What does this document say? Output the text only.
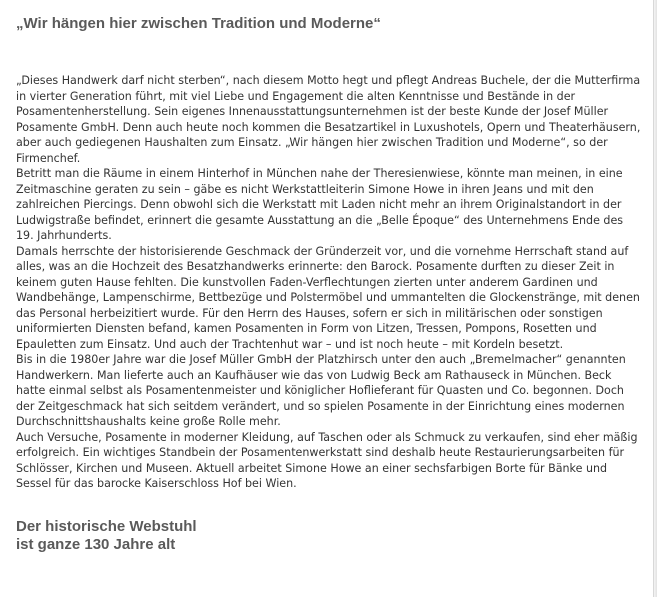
„Wir hängen hier zwischen Tradition und Moderne“

„Dieses Handwerk darf nicht sterben“, nach diesem Motto hegt und pflegt Andreas Buchele, der die Mutterfirma in vierter Generation führt, mit viel Liebe und Engagement die alten Kenntnisse und Bestände in der Posamentenherstellung. Sein eigenes Innenausstattungsunternehmen ist der beste Kunde der Josef Müller Posamente GmbH. Denn auch heute noch kommen die Besatzartikel in Luxushotels, Opern und Theaterhäusern, aber auch gediegenen Haushalten zum Einsatz. „Wir hängen hier zwischen Tradition und Moderne“, so der Firmenchef.

Betritt man die Räume in einem Hinterhof in München nahe der Theresienwiese, könnte man meinen, in eine Zeitmaschine geraten zu sein – gäbe es nicht Werkstattleiterin Simone Howe in ihren Jeans und mit den zahlreichen Piercings. Denn obwohl sich die Werkstatt mit Laden nicht mehr an ihrem Originalstandort in der Ludwigstraße befindet, erinnert die gesamte Ausstattung an die „Belle Époque“ des Unternehmens Ende des 19. Jahrhunderts.

Damals herrschte der historisierende Geschmack der Gründerzeit vor, und die vornehme Herrschaft stand auf alles, was an die Hochzeit des Besatzhandwerks erinnerte: den Barock. Posamente durften zu dieser Zeit in keinem guten Hause fehlten. Die kunstvollen Faden-Verflechtungen zierten unter anderem Gardinen und Wandbehänge, Lampenschirme, Bettbezüge und Polstermöbel und ummantelten die Glockenstränge, mit denen das Personal herbeizitiert wurde. Für den Herrn des Hauses, sofern er sich in militärischen oder sonstigen uniformierten Diensten befand, kamen Posamenten in Form von Litzen, Tressen, Pompons, Rosetten und Epauletten zum Einsatz. Und auch der Trachtenhut war – und ist noch heute – mit Kordeln besetzt.

Bis in die 1980er Jahre war die Josef Müller GmbH der Platzhirsch unter den auch „Bremelmacher“ genannten Handwerkern. Man lieferte auch an Kaufhäuser wie das von Ludwig Beck am Rathauseck in München. Beck hatte einmal selbst als Posamentenmeister und königlicher Hoflieferant für Quasten und Co. begonnen. Doch der Zeitgeschmack hat sich seitdem verändert, und so spielen Posamente in der Einrichtung eines modernen Durchschnittshaushalts keine große Rolle mehr.

Auch Versuche, Posamente in moderner Kleidung, auf Taschen oder als Schmuck zu verkaufen, sind eher mäßig erfolgreich. Ein wichtiges Standbein der Posamentenwerkstatt sind deshalb heute Restaurierungsarbeiten für Schlösser, Kirchen und Museen. Aktuell arbeitet Simone Howe an einer sechsfarbigen Borte für Bänke und Sessel für das barocke Kaiserschloss Hof bei Wien.

Der historische Webstuhl
ist ganze 130 Jahre alt
